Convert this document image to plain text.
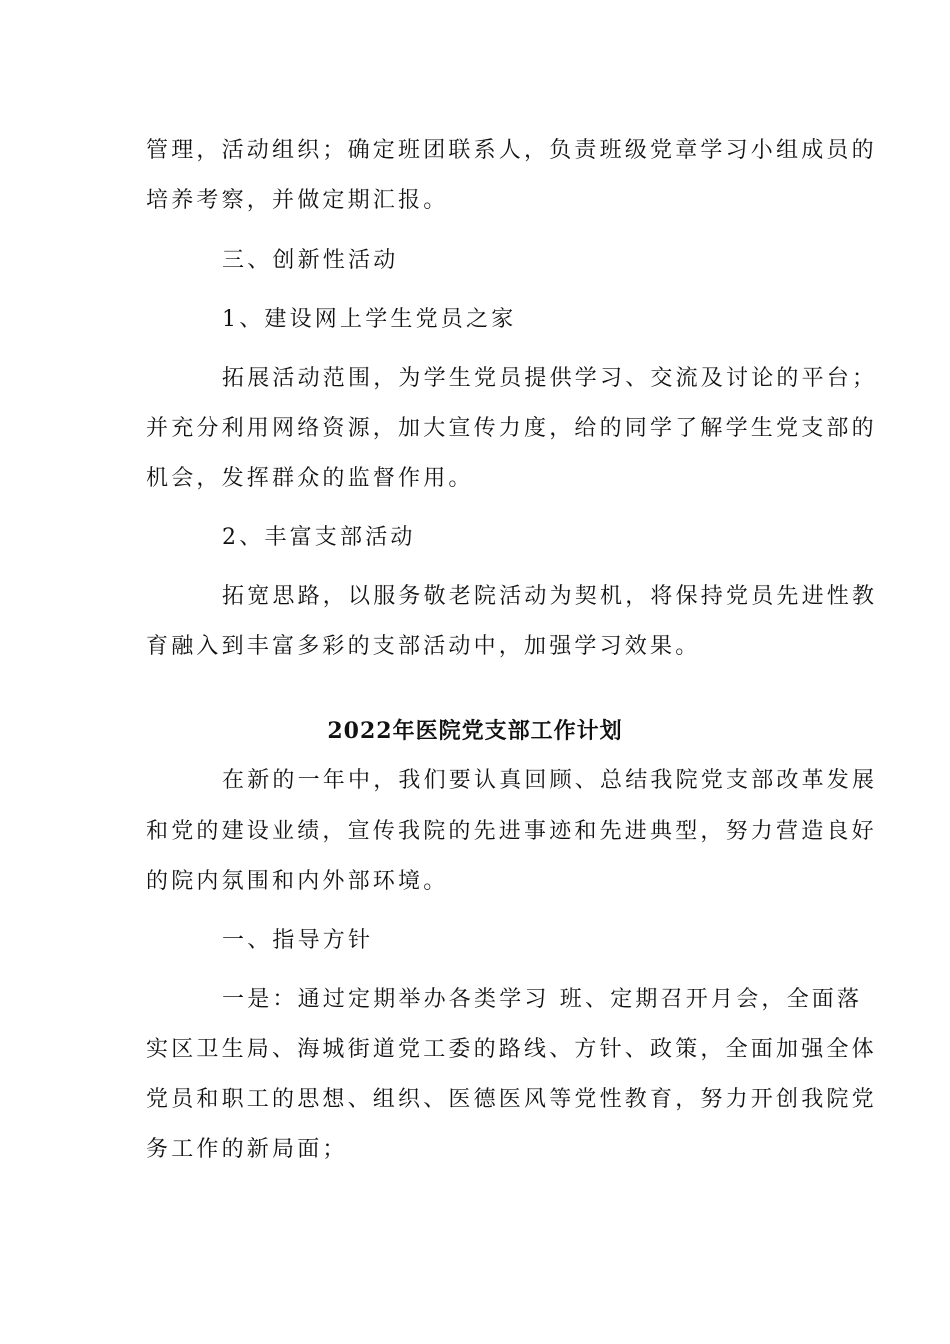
管理，活动组织；确定班团联系人，负责班级党章学习小组成员的
培养考察，并做定期汇报。
三、创新性活动
1、建设网上学生党员之家
拓展活动范围，为学生党员提供学习、交流及讨论的平台；
并充分利用网络资源，加大宣传力度，给的同学了解学生党支部的
机会，发挥群众的监督作用。
2、丰富支部活动
拓宽思路，以服务敬老院活动为契机，将保持党员先进性教
育融入到丰富多彩的支部活动中，加强学习效果。
2022年医院党支部工作计划
在新的一年中，我们要认真回顾、总结我院党支部改革发展
和党的建设业绩，宣传我院的先进事迹和先进典型，努力营造良好
的院内氛围和内外部环境。
一、指导方针
一是：通过定期举办各类学习 班、定期召开月会，全面落
实区卫生局、海城街道党工委的路线、方针、政策，全面加强全体
党员和职工的思想、组织、医德医风等党性教育，努力开创我院党
务工作的新局面；
